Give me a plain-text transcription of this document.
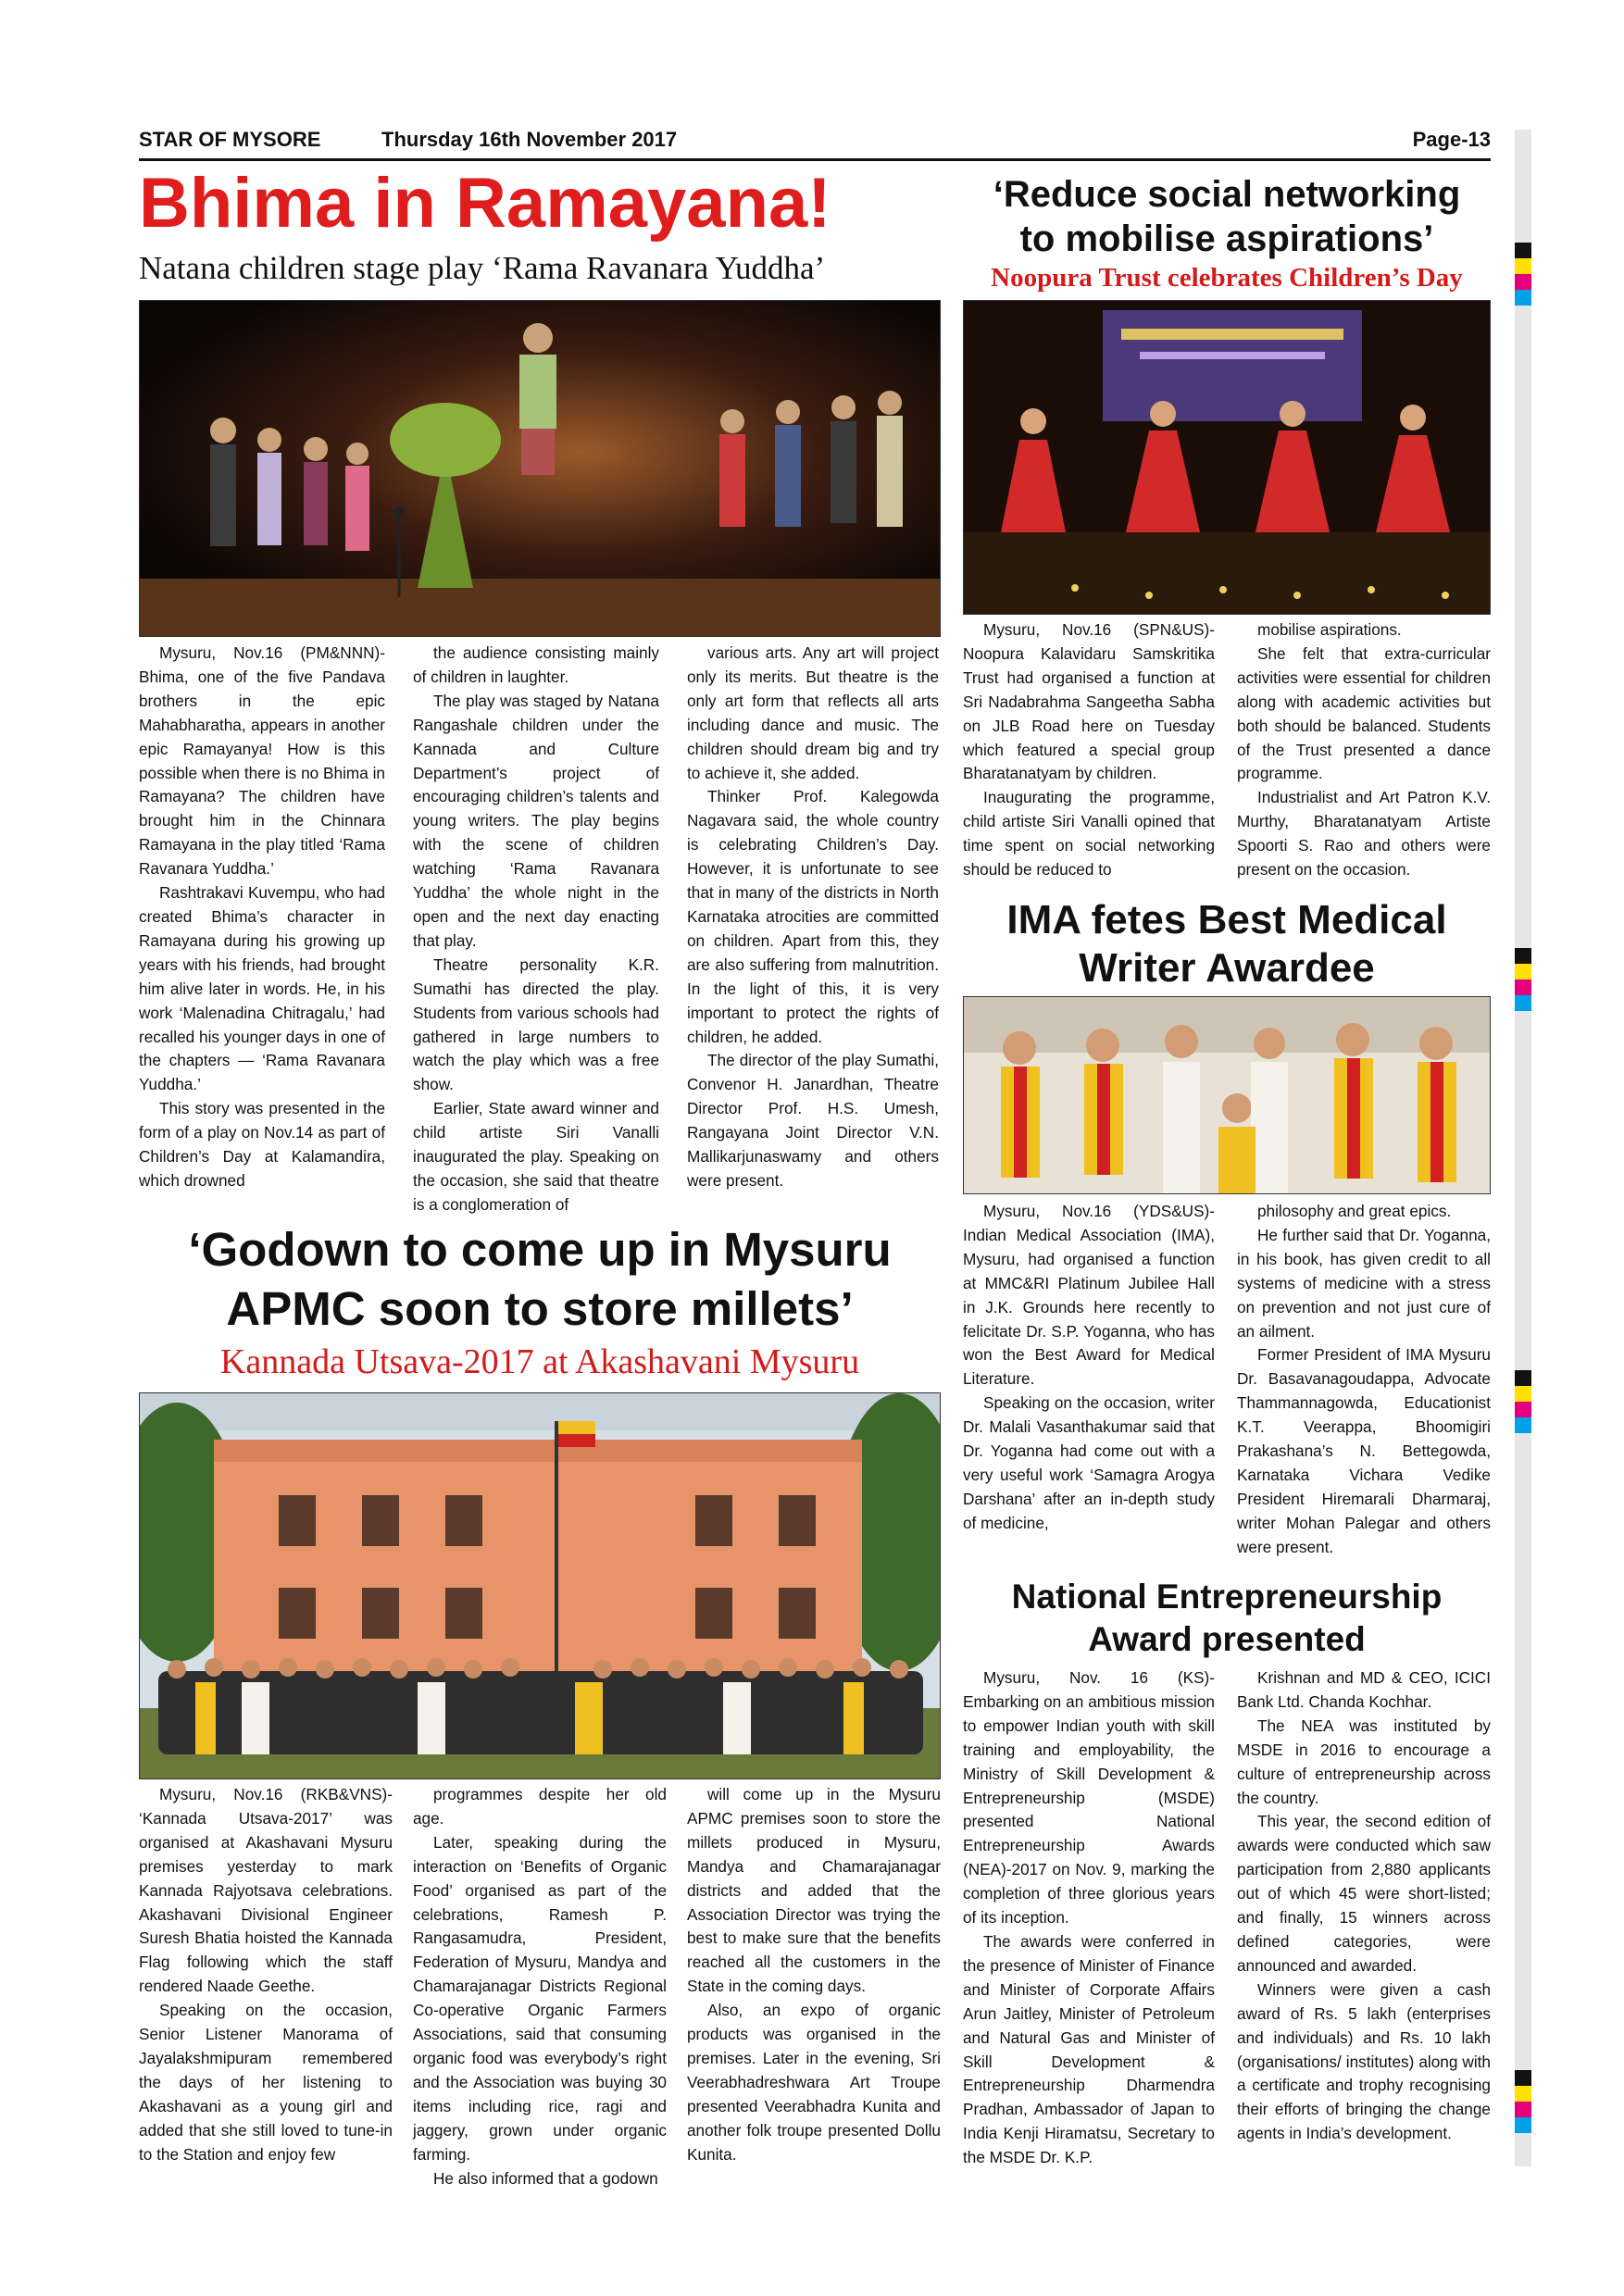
STAR OF MYSORE	Thursday 16th November 2017	Page-13
Bhima in Ramayana!
Natana children stage play ‘Rama Ravanara Yuddha’

Mysuru, Nov.16 (PM&NNN)- Bhima, one of the five Pandava brothers in the epic Mahabharatha, appears in another epic Ramayanya! How is this possible when there is no Bhima in Ramayana? The children have brought him in the Chinnara Ramayana in the play titled ‘Rama Ravanara Yuddha.’

Rashtrakavi Kuvempu, who had created Bhima’s character in Ramayana during his growing up years with his friends, had brought him alive later in words. He, in his work ‘Malenadina Chitragalu,’ had recalled his younger days in one of the chapters — ‘Rama Ravanara Yuddha.’

This story was presented in the form of a play on Nov.14 as part of Children’s Day at Kalamandira, which drowned

the audience consisting mainly of children in laughter.

The play was staged by Natana Rangashale children under the Kannada and Culture Department’s project of encouraging children’s talents and young writers. The play begins with the scene of children watching ‘Rama Ravanara Yuddha’ the whole night in the open and the next day enacting that play.

Theatre personality K.R. Sumathi has directed the play. Students from various schools had gathered in large numbers to watch the play which was a free show.

Earlier, State award winner and child artiste Siri Vanalli inaugurated the play. Speaking on the occasion, she said that theatre is a conglomeration of

various arts. Any art will project only its merits. But theatre is the only art form that reflects all arts including dance and music. The children should dream big and try to achieve it, she added.

Thinker Prof. Kalegowda Nagavara said, the whole country is celebrating Children’s Day. However, it is unfortunate to see that in many of the districts in North Karnataka atrocities are committed on children. Apart from this, they are also suffering from malnutrition. In the light of this, it is very important to protect the rights of children, he added.

The director of the play Sumathi, Convenor H. Janardhan, Theatre Director Prof. H.S. Umesh, Rangayana Joint Director V.N. Mallikarjunaswamy and others were present.

‘Reduce social networking
to mobilise aspirations’
Noopura Trust celebrates Children’s Day

Mysuru, Nov.16 (SPN&US)- Noopura Kalavidaru Samskritika Trust had organised a function at Sri Nadabrahma Sangeetha Sabha on JLB Road here on Tuesday which featured a special group Bharatanatyam by children.

Inaugurating the programme, child artiste Siri Vanalli opined that time spent on social networking should be reduced to

mobilise aspirations.

She felt that extra-curricular activities were essential for children along with academic activities but both should be balanced. Students of the Trust presented a dance programme.

Industrialist and Art Patron K.V. Murthy, Bharatanatyam Artiste Spoorti S. Rao and others were present on the occasion.

IMA fetes Best Medical
Writer Awardee

Mysuru, Nov.16 (YDS&US)- Indian Medical Association (IMA), Mysuru, had organised a function at MMC&RI Platinum Jubilee Hall in J.K. Grounds here recently to felicitate Dr. S.P. Yoganna, who has won the Best Award for Medical Literature.

Speaking on the occasion, writer Dr. Malali Vasanthakumar said that Dr. Yoganna had come out with a very useful work ‘Samagra Arogya Darshana’ after an in-depth study of medicine,

philosophy and great epics.

He further said that Dr. Yoganna, in his book, has given credit to all systems of medicine with a stress on prevention and not just cure of an ailment.

Former President of IMA Mysuru Dr. Basavanagoudappa, Advocate Thammannagowda, Educationist K.T. Veerappa, Bhoomigiri Prakashana’s N. Bettegowda, Karnataka Vichara Vedike President Hiremarali Dharmaraj, writer Mohan Palegar and others were present.

‘Godown to come up in Mysuru
APMC soon to store millets’
Kannada Utsava-2017 at Akashavani Mysuru

Mysuru, Nov.16 (RKB&VNS)- ‘Kannada Utsava-2017’ was organised at Akashavani Mysuru premises yesterday to mark Kannada Rajyotsava celebrations. Akashavani Divisional Engineer Suresh Bhatia hoisted the Kannada Flag following which the staff rendered Naade Geethe.

Speaking on the occasion, Senior Listener Manorama of Jayalakshmipuram remembered the days of her listening to Akashavani as a young girl and added that she still loved to tune-in to the Station and enjoy few

programmes despite her old age.

Later, speaking during the interaction on ‘Benefits of Organic Food’ organised as part of the celebrations, Ramesh P. Rangasamudra, President, Federation of Mysuru, Mandya and Chamarajanagar Districts Regional Co-operative Organic Farmers Associations, said that consuming organic food was everybody’s right and the Association was buying 30 items including rice, ragi and jaggery, grown under organic farming.

He also informed that a godown

will come up in the Mysuru APMC premises soon to store the millets produced in Mysuru, Mandya and Chamarajanagar districts and added that the Association Director was trying the best to make sure that the benefits reached all the customers in the State in the coming days.

Also, an expo of organic products was organised in the premises. Later in the evening, Sri Veerabhadreshwara Art Troupe presented Veerabhadra Kunita and another folk troupe presented Dollu Kunita.

National Entrepreneurship
Award presented

Mysuru, Nov. 16 (KS)- Embarking on an ambitious mission to empower Indian youth with skill training and employability, the Ministry of Skill Development & Entrepreneurship (MSDE) presented National Entrepreneurship Awards (NEA)-2017 on Nov. 9, marking the completion of three glorious years of its inception.

The awards were conferred in the presence of Minister of Finance and Minister of Corporate Affairs Arun Jaitley, Minister of Petroleum and Natural Gas and Minister of Skill Development & Entrepreneurship Dharmendra Pradhan, Ambassador of Japan to India Kenji Hiramatsu, Secretary to the MSDE Dr. K.P.

Krishnan and MD & CEO, ICICI Bank Ltd. Chanda Kochhar.

The NEA was instituted by MSDE in 2016 to encourage a culture of entrepreneurship across the country.

This year, the second edition of awards were conducted which saw participation from 2,880 applicants out of which 45 were short-listed; and finally, 15 winners across defined categories, were announced and awarded.

Winners were given a cash award of Rs. 5 lakh (enterprises and individuals) and Rs. 10 lakh (organisations/ institutes) along with a certificate and trophy recognising their efforts of bringing the change agents in India’s development.
